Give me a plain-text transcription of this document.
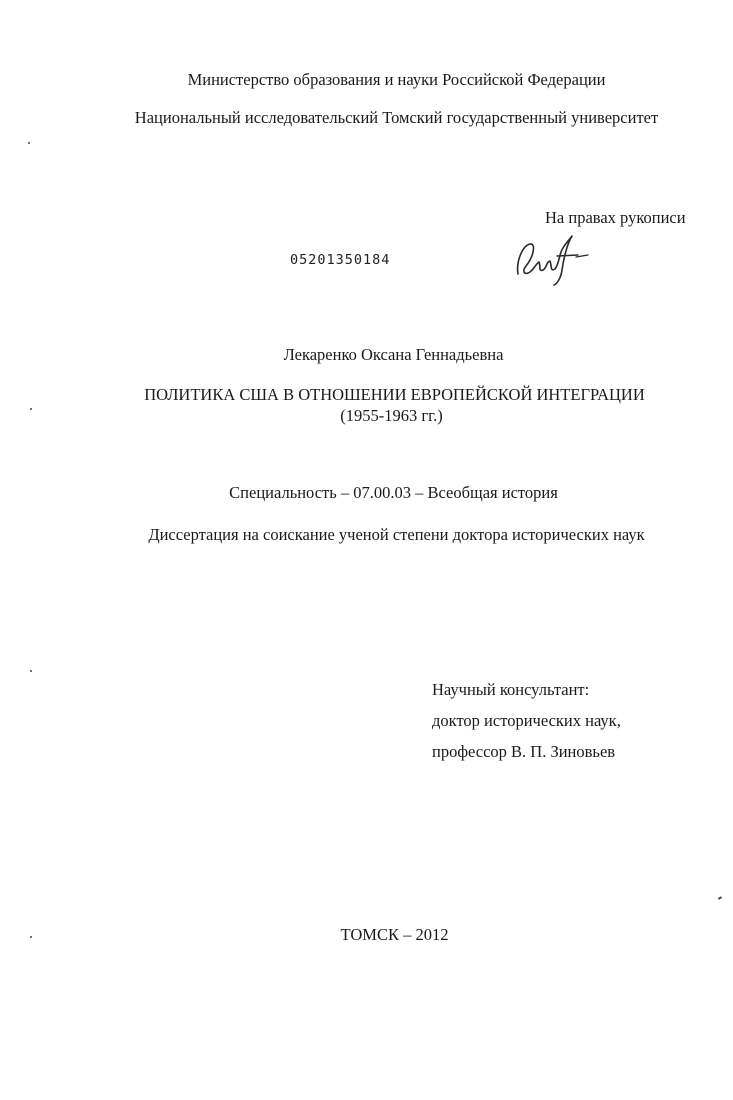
Министерство образования и науки Российской Федерации
Национальный исследовательский Томский государственный университет
На правах рукописи
05201350184
Лекаренко Оксана Геннадьевна
ПОЛИТИКА США В ОТНОШЕНИИ ЕВРОПЕЙСКОЙ ИНТЕГРАЦИИ
(1955-1963 гг.)
Специальность – 07.00.03 – Всеобщая история
Диссертация на соискание ученой степени доктора исторических наук
Научный консультант:
доктор исторических наук,
профессор В. П. Зиновьев
ТОМСК – 2012
